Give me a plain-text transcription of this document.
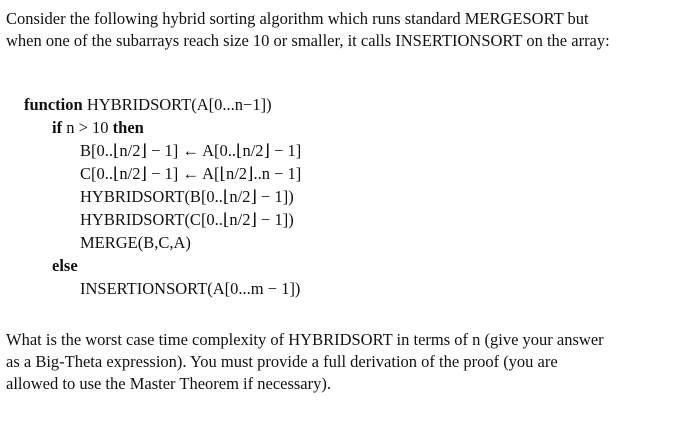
Consider the following hybrid sorting algorithm which runs standard MERGESORT but
when one of the subarrays reach size 10 or smaller, it calls INSERTIONSORT on the array:
function HYBRIDSORT(A[0...n−1])
if n > 10 then
B[0..⌊n/2⌋ − 1] ← A[0..⌊n/2⌋ − 1]
C[0..⌊n/2⌋ − 1] ← A[⌊n/2⌋..n − 1]
HYBRIDSORT(B[0..⌊n/2⌋ − 1])
HYBRIDSORT(C[0..⌊n/2⌋ − 1])
MERGE(B,C,A)
else
INSERTIONSORT(A[0...m − 1])
What is the worst case time complexity of HYBRIDSORT in terms of n (give your answer
as a Big-Theta expression). You must provide a full derivation of the proof (you are
allowed to use the Master Theorem if necessary).
